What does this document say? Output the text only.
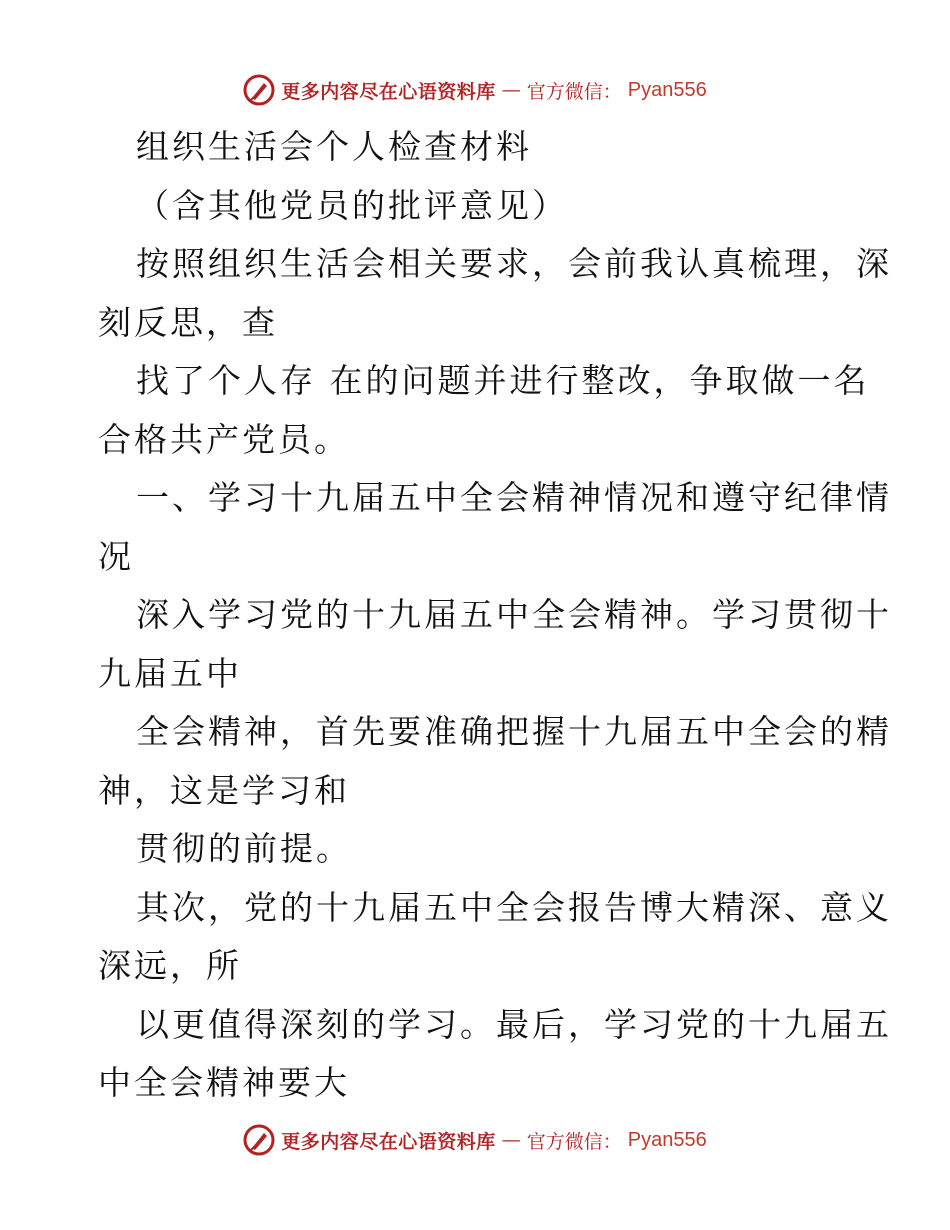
更多内容尽在心语资料库 — 官方微信： Pyan556
组织生活会个人检查材料
（含其他党员的批评意见）
按照组织生活会相关要求，会前我认真梳理，深
刻反思，查
找了个人存 在的问题并进行整改，争取做一名
合格共产党员。
一、学习十九届五中全会精神情况和遵守纪律情
况
深入学习党的十九届五中全会精神。学习贯彻十
九届五中
全会精神，首先要准确把握十九届五中全会的精
神，这是学习和
贯彻的前提。
其次，党的十九届五中全会报告博大精深、意义
深远，所
以更值得深刻的学习。最后，学习党的十九届五
中全会精神要大
更多内容尽在心语资料库 — 官方微信： Pyan556
